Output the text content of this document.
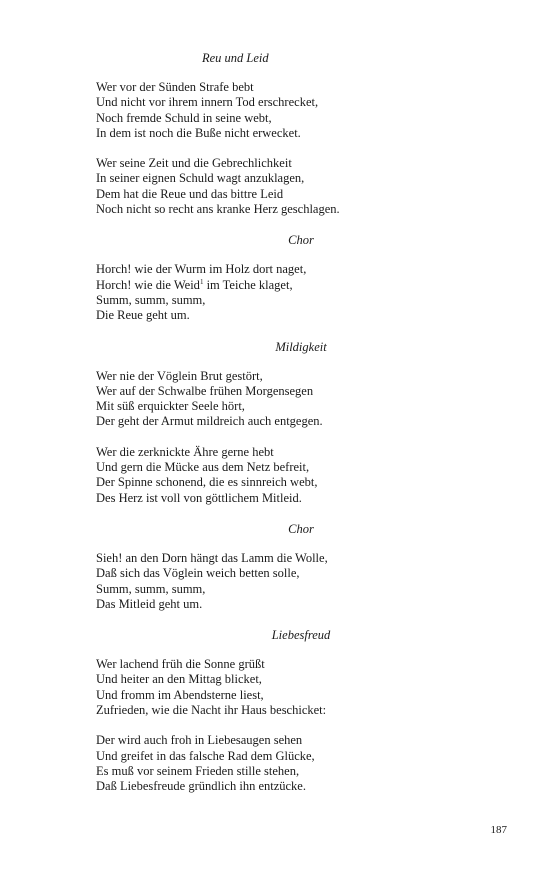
Reu und Leid
Wer vor der Sünden Strafe bebt
Und nicht vor ihrem innern Tod erschrecket,
Noch fremde Schuld in seine webt,
In dem ist noch die Buße nicht erwecket.
Wer seine Zeit und die Gebrechlichkeit
In seiner eignen Schuld wagt anzuklagen,
Dem hat die Reue und das bittre Leid
Noch nicht so recht ans kranke Herz geschlagen.
Chor
Horch! wie der Wurm im Holz dort naget,
Horch! wie die Weid$^1$ im Teiche klaget,
Summ, summ, summ,
Die Reue geht um.
Mildigkeit
Wer nie der Vöglein Brut gestört,
Wer auf der Schwalbe frühen Morgensegen
Mit süß erquickter Seele hört,
Der geht der Armut mildreich auch entgegen.
Wer die zerknickte Ähre gerne hebt
Und gern die Mücke aus dem Netz befreit,
Der Spinne schonend, die es sinnreich webt,
Des Herz ist voll von göttlichem Mitleid.
Chor
Sieh! an den Dorn hängt das Lamm die Wolle,
Daß sich das Vöglein weich betten solle,
Summ, summ, summ,
Das Mitleid geht um.
Liebesfreud
Wer lachend früh die Sonne grüßt
Und heiter an den Mittag blicket,
Und fromm im Abendsterne liest,
Zufrieden, wie die Nacht ihr Haus beschicket:
Der wird auch froh in Liebesaugen sehen
Und greifet in das falsche Rad dem Glücke,
Es muß vor seinem Frieden stille stehen,
Daß Liebesfreude gründlich ihn entzücke.
187
